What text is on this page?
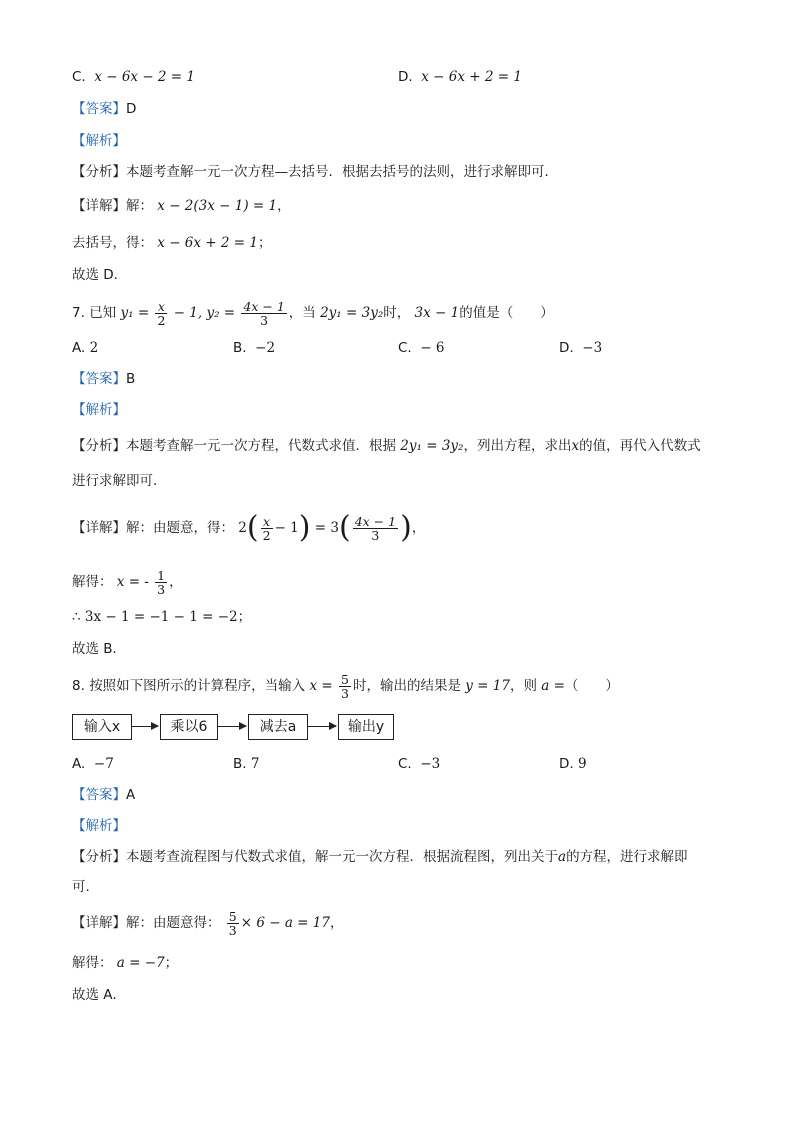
C. x − 6x − 2 = 1	D. x − 6x + 2 = 1
【答案】D
【解析】
【分析】本题考查解一元一次方程—去括号．根据去括号的法则，进行求解即可．
【详解】解： x − 2(3x − 1) = 1，
去括号，得： x − 6x + 2 = 1；
故选 D．
7. 已知 $y_1 = \frac{x}{2} - 1$, $y_2 = \frac{4x - 1}{3}$ ，当 2y₁ = 3y₂时， 3x − 1的值是（　　）
A. 2	B. −2	C. − 6	D. −3
【答案】B
【解析】
【分析】本题考查解一元一次方程，代数式求值．根据 2y₁ = 3y₂，列出方程，求出x的值，再代入代数式
进行求解即可．
【详解】解：由题意，得： $2( \frac{x}{2} - 1) = 3( \frac{4x - 1}{3}$ )，
解得： x = - $\frac{1}{3}$ ，
∴ 3x − 1 = −1 − 1 = −2；
故选 B．
8. 按照如下图所示的计算程序，当输入 $x = \frac{5}{3}$ 时，输出的结果是 y = 17，则 a =（　　）
输入x	乘以6	减去a	输出y
A. −7	B. 7	C. −3	D. 9
【答案】A
【解析】
【分析】本题考查流程图与代数式求值，解一元一次方程．根据流程图，列出关于a的方程，进行求解即
可．
【详解】解：由题意得： $\frac{5}{3} \times 6 - a = 17$，
解得： a = −7；
故选 A．
